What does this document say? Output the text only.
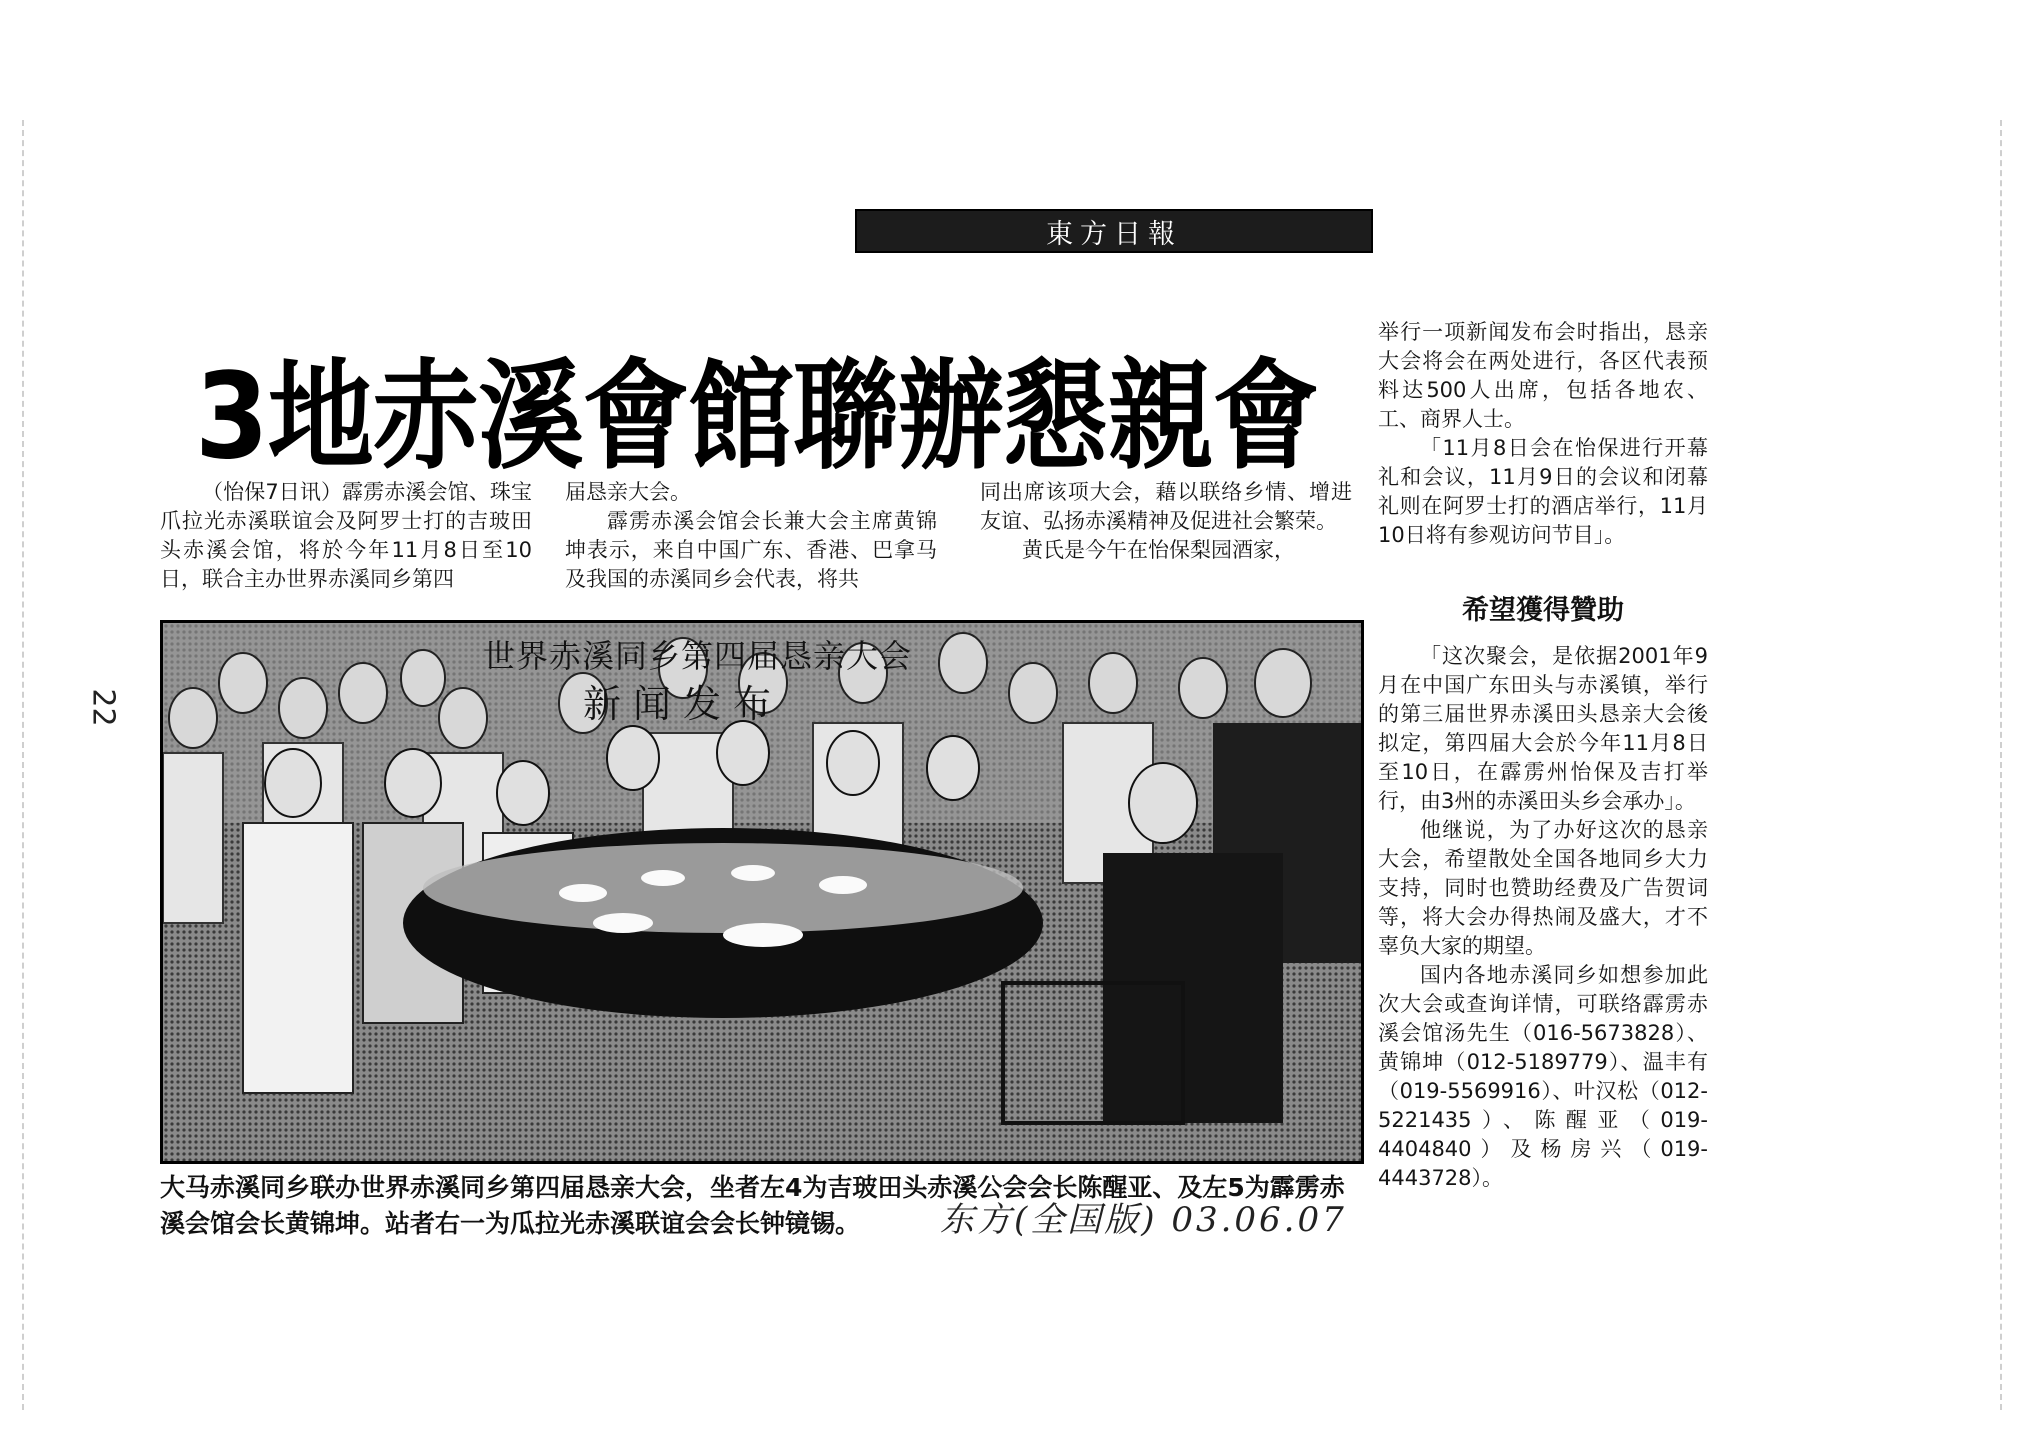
東方日報
22
3地赤溪會館聯辦懇親會

（怡保7日讯）霹雳赤溪会馆、珠宝爪拉光赤溪联谊会及阿罗士打的吉玻田头赤溪会馆，将於今年11月8日至10日，联合主办世界赤溪同乡第四

届恳亲大会。

霹雳赤溪会馆会长兼大会主席黄锦坤表示，来自中国广东、香港、巴拿马及我国的赤溪同乡会代表，将共

同出席该项大会，藉以联络乡情、增进友谊、弘扬赤溪精神及促进社会繁荣。

黄氏是今午在怡保梨园酒家，

举行一项新闻发布会时指出，恳亲大会将会在两处进行，各区代表预料达500人出席，包括各地农、工、商界人士。

「11月8日会在怡保进行开幕礼和会议，11月9日的会议和闭幕礼则在阿罗士打的酒店举行，11月10日将有参观访问节目」。

希望獲得贊助

「这次聚会，是依据2001年9月在中国广东田头与赤溪镇，举行的第三届世界赤溪田头恳亲大会後拟定，第四届大会於今年11月8日至10日，在霹雳州怡保及吉打举行，由3州的赤溪田头乡会承办」。

他继说，为了办好这次的恳亲大会，希望散处全国各地同乡大力支持，同时也赞助经费及广告贺词等，将大会办得热闹及盛大，才不辜负大家的期望。

国内各地赤溪同乡如想参加此次大会或查询详情，可联络霹雳赤溪会馆汤先生（016-5673828）、黄锦坤（012-5189779）、温丰有（019-5569916）、叶汉松（012-5221435）、陈醒亚（019-4404840）及杨房兴（019-4443728）。

世界赤溪同乡第四届恳亲大会
新闻发布
大马赤溪同乡联办世界赤溪同乡第四届恳亲大会，坐者左4为吉玻田头赤溪公会会长陈醒亚、及左5为霹雳赤溪会馆会长黄锦坤。站者右一为瓜拉光赤溪联谊会会长钟镜锡。	东方(全国版) 03.06.07
